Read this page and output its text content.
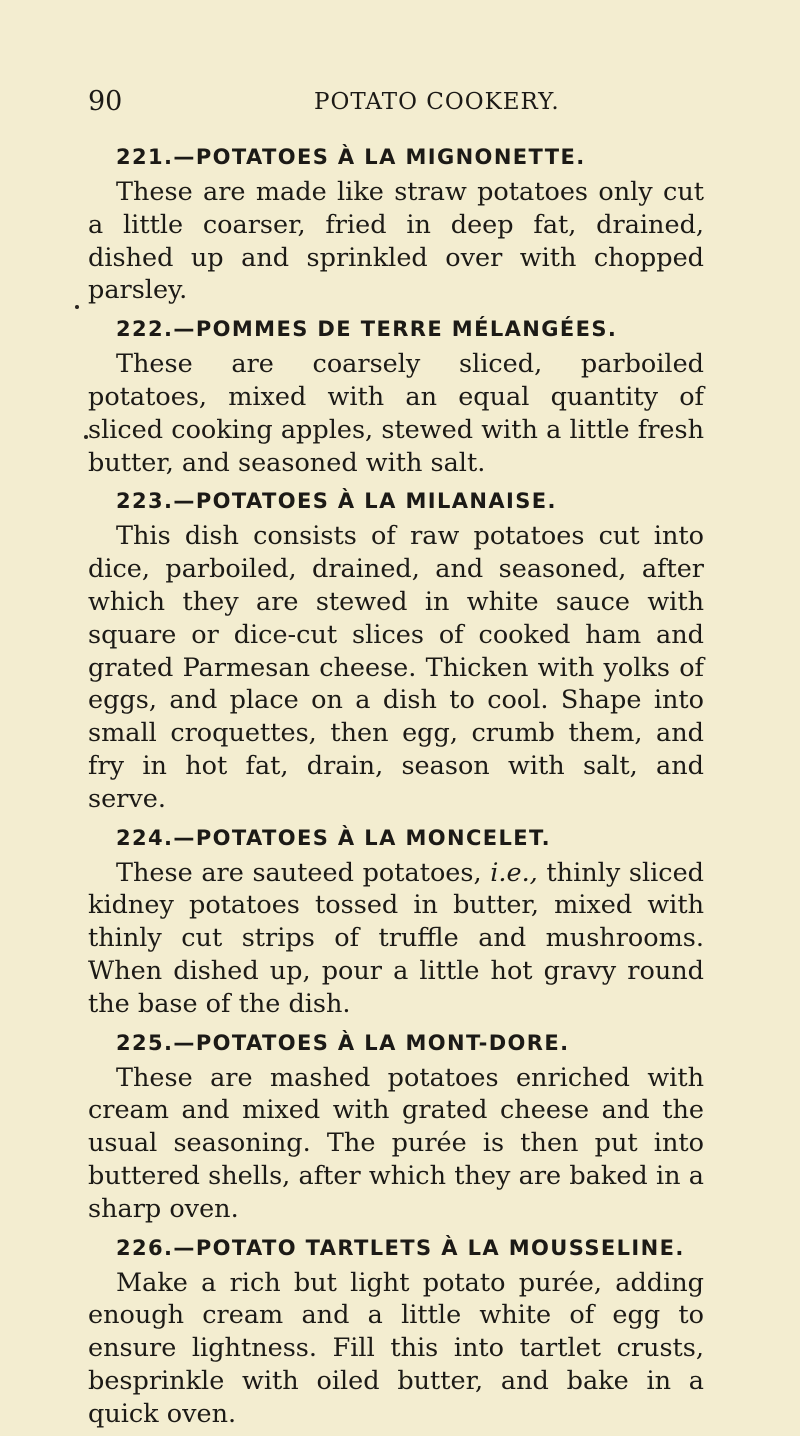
90	POTATO COOKERY.
221.—POTATOES À LA MIGNONETTE.

These are made like straw potatoes only cut a little coarser, fried in deep fat, drained, dished up and sprinkled over with chopped parsley.

222.—POMMES DE TERRE MÉLANGÉES.

These are coarsely sliced, parboiled potatoes, mixed with an equal quantity of sliced cooking apples, stewed with a little fresh butter, and seasoned with salt.

223.—POTATOES À LA MILANAISE.

This dish consists of raw potatoes cut into dice, parboiled, drained, and seasoned, after which they are stewed in white sauce with square or dice-cut slices of cooked ham and grated Parmesan cheese. Thicken with yolks of eggs, and place on a dish to cool. Shape into small croquettes, then egg, crumb them, and fry in hot fat, drain, season with salt, and serve.

224.—POTATOES À LA MONCELET.

These are sauteed potatoes, i.e., thinly sliced kidney potatoes tossed in butter, mixed with thinly cut strips of truffle and mushrooms. When dished up, pour a little hot gravy round the base of the dish.

225.—POTATOES À LA MONT-DORE.

These are mashed potatoes enriched with cream and mixed with grated cheese and the usual seasoning. The purée is then put into buttered shells, after which they are baked in a sharp oven.

226.—POTATO TARTLETS À LA MOUSSELINE.

Make a rich but light potato purée, adding enough cream and a little white of egg to ensure lightness. Fill this into tartlet crusts, besprinkle with oiled butter, and bake in a quick oven.
